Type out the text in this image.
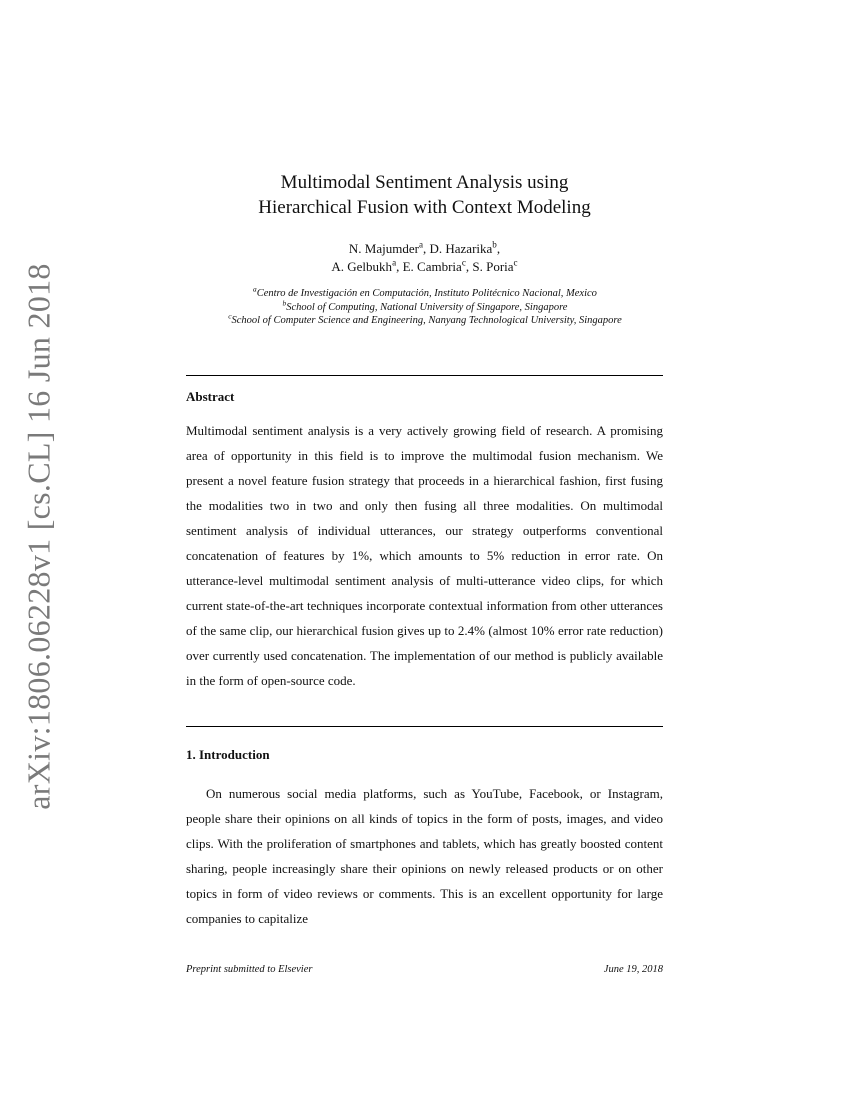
arXiv:1806.06228v1 [cs.CL] 16 Jun 2018
Multimodal Sentiment Analysis using
Hierarchical Fusion with Context Modeling
N. Majumder$^a$, D. Hazarika$^b$,
A. Gelbukh$^a$, E. Cambria$^c$, S. Poria$^c$
$^a$Centro de Investigación en Computación, Instituto Politécnico Nacional, Mexico
$^b$School of Computing, National University of Singapore, Singapore
$^c$School of Computer Science and Engineering, Nanyang Technological University, Singapore
Abstract
Multimodal sentiment analysis is a very actively growing field of research. A promising area of opportunity in this field is to improve the multimodal fusion mechanism. We present a novel feature fusion strategy that proceeds in a hierarchical fashion, first fusing the modalities two in two and only then fusing all three modalities. On multimodal sentiment analysis of individual utterances, our strategy outperforms conventional concatenation of features by 1%, which amounts to 5% reduction in error rate. On utterance-level multimodal sentiment analysis of multi-utterance video clips, for which current state-of-the-art techniques incorporate contextual information from other utterances of the same clip, our hierarchical fusion gives up to 2.4% (almost 10% error rate reduction) over currently used concatenation. The implementation of our method is publicly available in the form of open-source code.
1. Introduction
On numerous social media platforms, such as YouTube, Facebook, or Instagram, people share their opinions on all kinds of topics in the form of posts, images, and video clips. With the proliferation of smartphones and tablets, which has greatly boosted content sharing, people increasingly share their opinions on newly released products or on other topics in form of video reviews or comments. This is an excellent opportunity for large companies to capitalize
Preprint submitted to Elsevier	June 19, 2018
